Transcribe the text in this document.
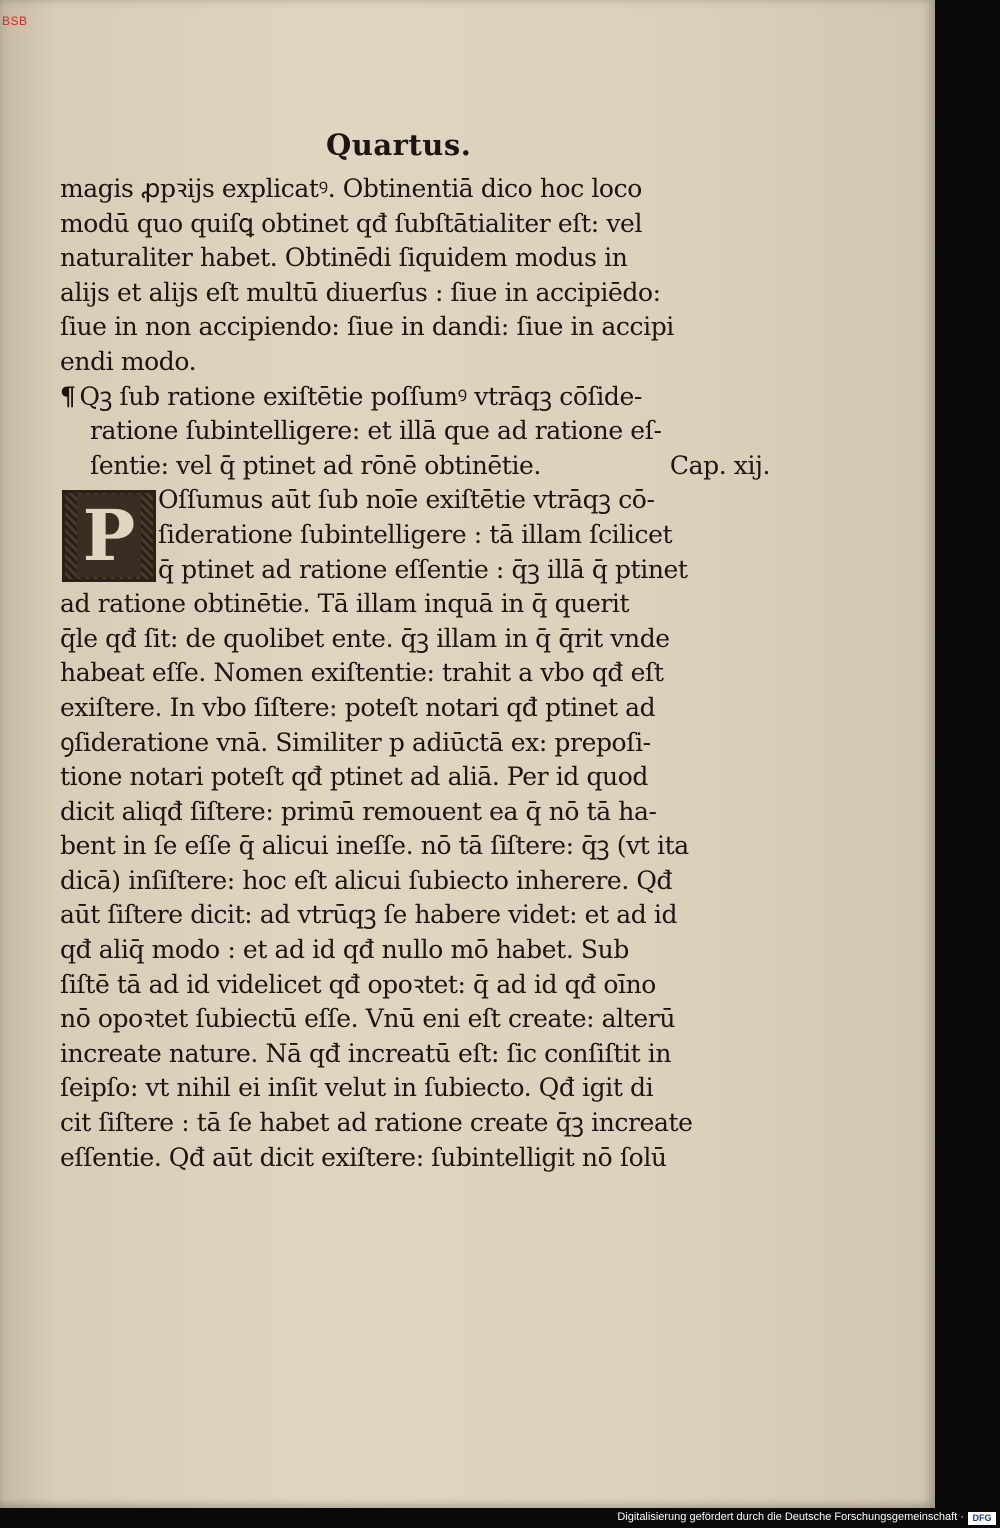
Quartus.
magis ꝓpꝛijs explicatꝰ. Obtinentiā dico hoc loco
modū quo quiſꝗ obtinet qđ ſubſtātialiter eſt: vel
naturaliter habet. Obtinēdi ſiquidem modus in
alijs et alijs eſt multū diuerſus : ſiue in accipiēdo:
ſiue in non accipiendo: ſiue in dandi: ſiue in accipi
endi modo.
¶ Qꝫ ſub ratione exiſtētie poſſumꝰ vtrāqꝫ cōſide-
ratione ſubintelligere: et illā que ad ratione eſ-
ſentie: vel q̄ ptinet ad rōnē obtinētie.	Cap. xij.
Oſſumus aūt ſub noīe exiſtētie vtrāqꝫ cō-
ſideratione ſubintelligere : tā illam ſcilicet
q̄ ptinet ad ratione eſſentie : q̄ꝫ illā q̄ ptinet
ad ratione obtinētie. Tā illam inquā in q̄ querit
q̄le qđ ſit: de quolibet ente. q̄ꝫ illam in q̄ q̄rit vnde
habeat eſſe. Nomen exiſtentie: trahit a vbo qđ eſt
exiſtere. In vbo ſiſtere: poteſt notari qđ ptinet ad
ꝯſideratione vnā. Similiter p adiūctā ex: prepoſi-
tione notari poteſt qđ ptinet ad aliā. Per id quod
dicit aliqđ ſiſtere: primū remouent ea q̄ nō tā ha-
bent in ſe eſſe q̄ alicui ineſſe. nō tā ſiſtere: q̄ꝫ (vt ita
dicā) inſiſtere: hoc eſt alicui ſubiecto inherere. Qđ
aūt ſiſtere dicit: ad vtrūqꝫ ſe habere videt: et ad id
qđ aliq̄ modo : et ad id qđ nullo mō habet. Sub
ſiſtē tā ad id videlicet qđ opoꝛtet: q̄ ad id qđ oīno
nō opoꝛtet ſubiectū eſſe. Vnū eni eſt create: alterū
increate nature. Nā qđ increatū eſt: ſic conſiſtit in
ſeipſo: vt nihil ei inſit velut in ſubiecto. Qđ igit di
cit ſiſtere : tā ſe habet ad ratione create q̄ꝫ increate
eſſentie. Qđ aūt dicit exiſtere: ſubintelligit nō ſolū
P
BSB
Digitalisierung gefördert durch die Deutsche Forschungsgemeinschaft · DFG
